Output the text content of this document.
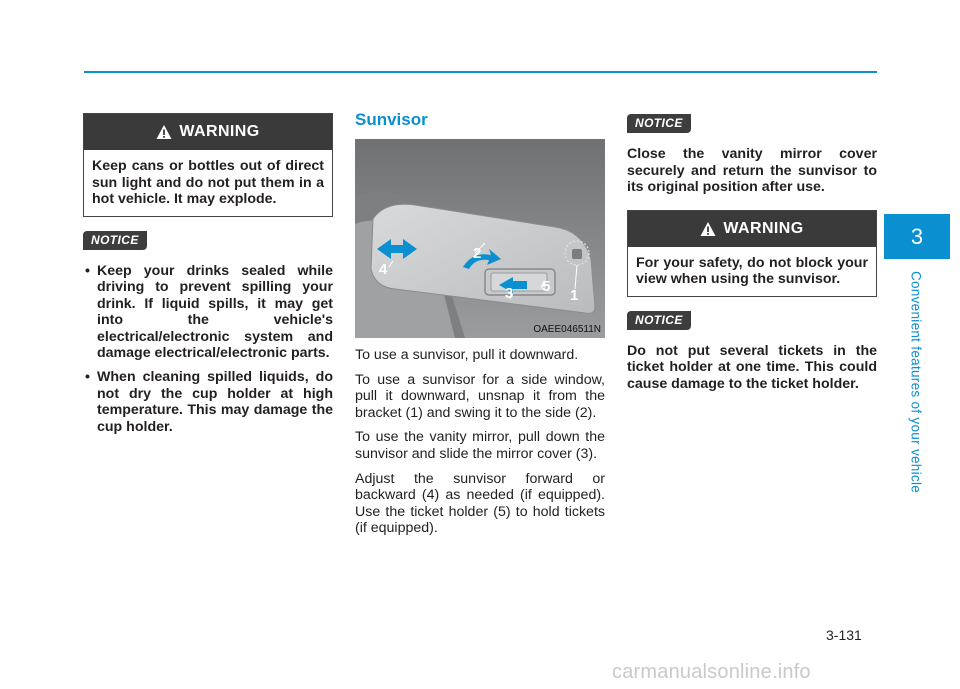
WARNING
Keep cans or bottles out of direct sun light and do not put them in a hot vehicle. It may explode.
NOTICE
• Keep your drinks sealed while driving to prevent spilling your drink. If liquid spills, it may get into the vehicle's electrical/electronic system and damage electrical/electronic parts.
• When cleaning spilled liquids, do not dry the cup holder at high temperature. This may damage the cup holder.
Sunvisor
1
2
3
4
5
OAEE046511N

To use a sunvisor, pull it downward.

To use a sunvisor for a side window, pull it downward, unsnap it from the bracket (1) and swing it to the side (2).

To use the vanity mirror, pull down the sunvisor and slide the mirror cover (3).

Adjust the sunvisor forward or backward (4) as needed (if equipped). Use the ticket holder (5) to hold tickets (if equipped).

NOTICE

Close the vanity mirror cover securely and return the sunvisor to its original position after use.

WARNING
For your safety, do not block your view when using the sunvisor.
NOTICE

Do not put several tickets in the ticket holder at one time. This could cause damage to the ticket holder.

3
Convenient features of your vehicle
3-131
carmanualsonline.info
